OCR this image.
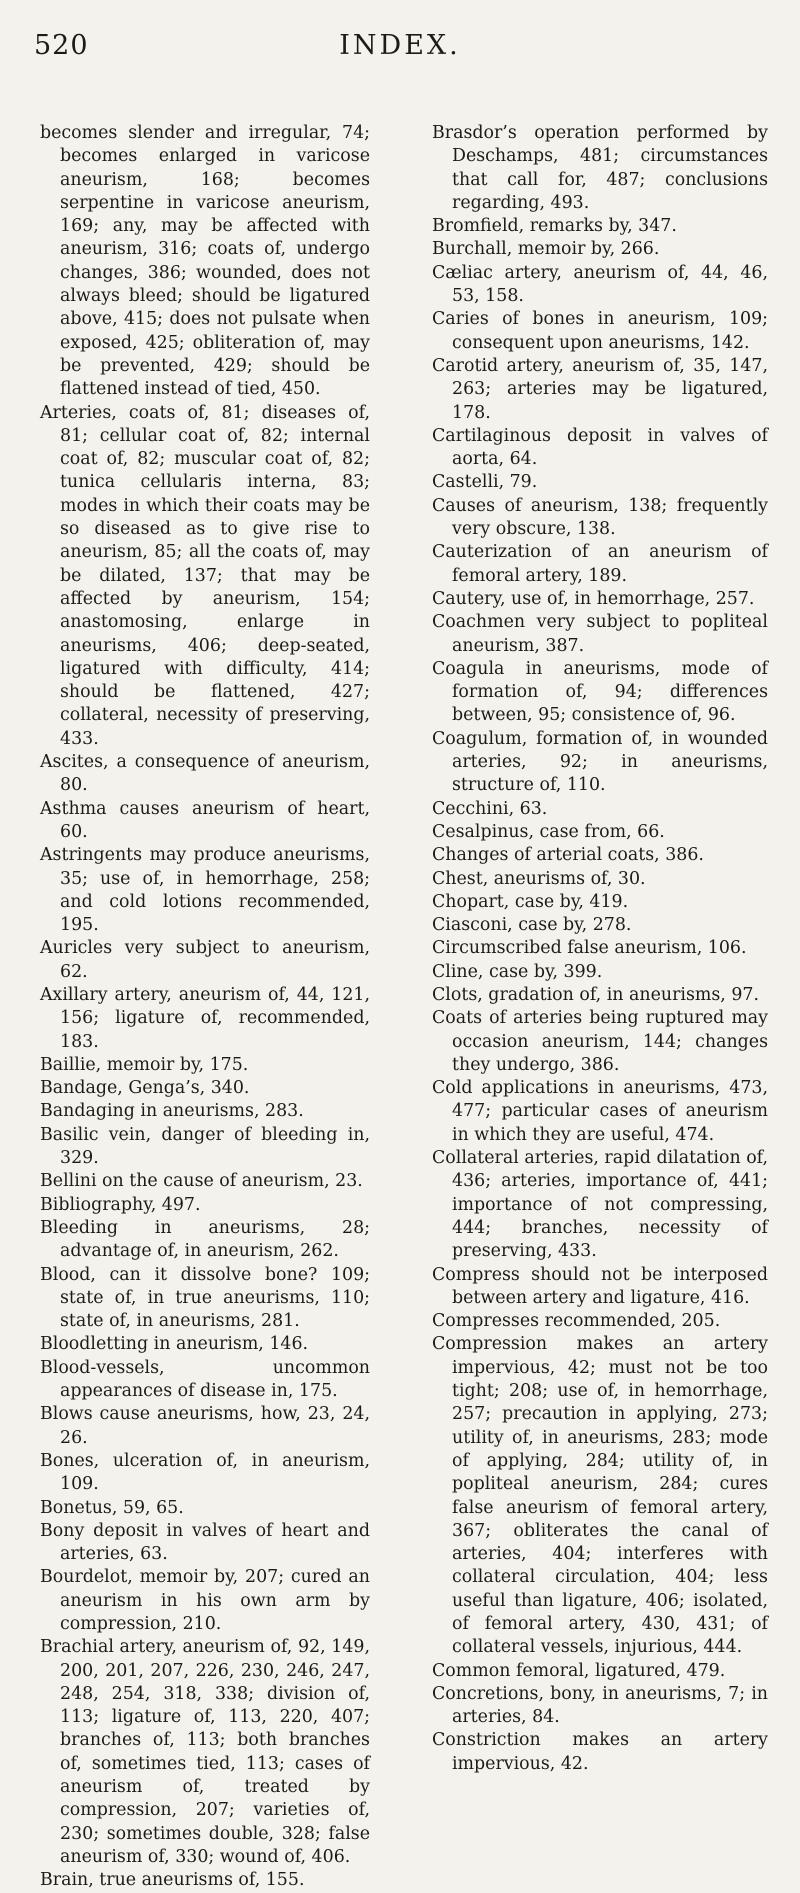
520	INDEX.

becomes slender and irregular, 74; becomes enlarged in varicose aneurism, 168; becomes serpentine in varicose aneurism, 169; any, may be affected with aneurism, 316; coats of, undergo changes, 386; wounded, does not always bleed; should be ligatured above, 415; does not pulsate when exposed, 425; obliteration of, may be prevented, 429; should be flattened instead of tied, 450.

Arteries, coats of, 81; diseases of, 81; cellular coat of, 82; internal coat of, 82; muscular coat of, 82; tunica cellularis interna, 83; modes in which their coats may be so diseased as to give rise to aneurism, 85; all the coats of, may be dilated, 137; that may be affected by aneurism, 154; anastomosing, enlarge in aneurisms, 406; deep-seated, ligatured with difficulty, 414; should be flattened, 427; collateral, necessity of preserving, 433.

Ascites, a consequence of aneurism, 80.

Asthma causes aneurism of heart, 60.

Astringents may produce aneurisms, 35; use of, in hemorrhage, 258; and cold lotions recommended, 195.

Auricles very subject to aneurism, 62.

Axillary artery, aneurism of, 44, 121, 156; ligature of, recommended, 183.

Baillie, memoir by, 175.

Bandage, Genga’s, 340.

Bandaging in aneurisms, 283.

Basilic vein, danger of bleeding in, 329.

Bellini on the cause of aneurism, 23.

Bibliography, 497.

Bleeding in aneurisms, 28; advantage of, in aneurism, 262.

Blood, can it dissolve bone? 109; state of, in true aneurisms, 110; state of, in aneurisms, 281.

Bloodletting in aneurism, 146.

Blood-vessels, uncommon appearances of disease in, 175.

Blows cause aneurisms, how, 23, 24, 26.

Bones, ulceration of, in aneurism, 109.

Bonetus, 59, 65.

Bony deposit in valves of heart and arteries, 63.

Bourdelot, memoir by, 207; cured an aneurism in his own arm by compression, 210.

Brachial artery, aneurism of, 92, 149, 200, 201, 207, 226, 230, 246, 247, 248, 254, 318, 338; division of, 113; ligature of, 113, 220, 407; branches of, 113; both branches of, sometimes tied, 113; cases of aneurism of, treated by compression, 207; varieties of, 230; sometimes double, 328; false aneurism of, 330; wound of, 406.

Brain, true aneurisms of, 155.

Brasdor’s operation performed by Deschamps, 481; circumstances that call for, 487; conclusions regarding, 493.

Bromfield, remarks by, 347.

Burchall, memoir by, 266.

Cæliac artery, aneurism of, 44, 46, 53, 158.

Caries of bones in aneurism, 109; consequent upon aneurisms, 142.

Carotid artery, aneurism of, 35, 147, 263; arteries may be ligatured, 178.

Cartilaginous deposit in valves of aorta, 64.

Castelli, 79.

Causes of aneurism, 138; frequently very obscure, 138.

Cauterization of an aneurism of femoral artery, 189.

Cautery, use of, in hemorrhage, 257.

Coachmen very subject to popliteal aneurism, 387.

Coagula in aneurisms, mode of formation of, 94; differences between, 95; consistence of, 96.

Coagulum, formation of, in wounded arteries, 92; in aneurisms, structure of, 110.

Cecchini, 63.

Cesalpinus, case from, 66.

Changes of arterial coats, 386.

Chest, aneurisms of, 30.

Chopart, case by, 419.

Ciasconi, case by, 278.

Circumscribed false aneurism, 106.

Cline, case by, 399.

Clots, gradation of, in aneurisms, 97.

Coats of arteries being ruptured may occasion aneurism, 144; changes they undergo, 386.

Cold applications in aneurisms, 473, 477; particular cases of aneurism in which they are useful, 474.

Collateral arteries, rapid dilatation of, 436; arteries, importance of, 441; importance of not compressing, 444; branches, necessity of preserving, 433.

Compress should not be interposed between artery and ligature, 416.

Compresses recommended, 205.

Compression makes an artery impervious, 42; must not be too tight; 208; use of, in hemorrhage, 257; precaution in applying, 273; utility of, in aneurisms, 283; mode of applying, 284; utility of, in popliteal aneurism, 284; cures false aneurism of femoral artery, 367; obliterates the canal of arteries, 404; interferes with collateral circulation, 404; less useful than ligature, 406; isolated, of femoral artery, 430, 431; of collateral vessels, injurious, 444.

Common femoral, ligatured, 479.

Concretions, bony, in aneurisms, 7; in arteries, 84.

Constriction makes an artery impervious, 42.
